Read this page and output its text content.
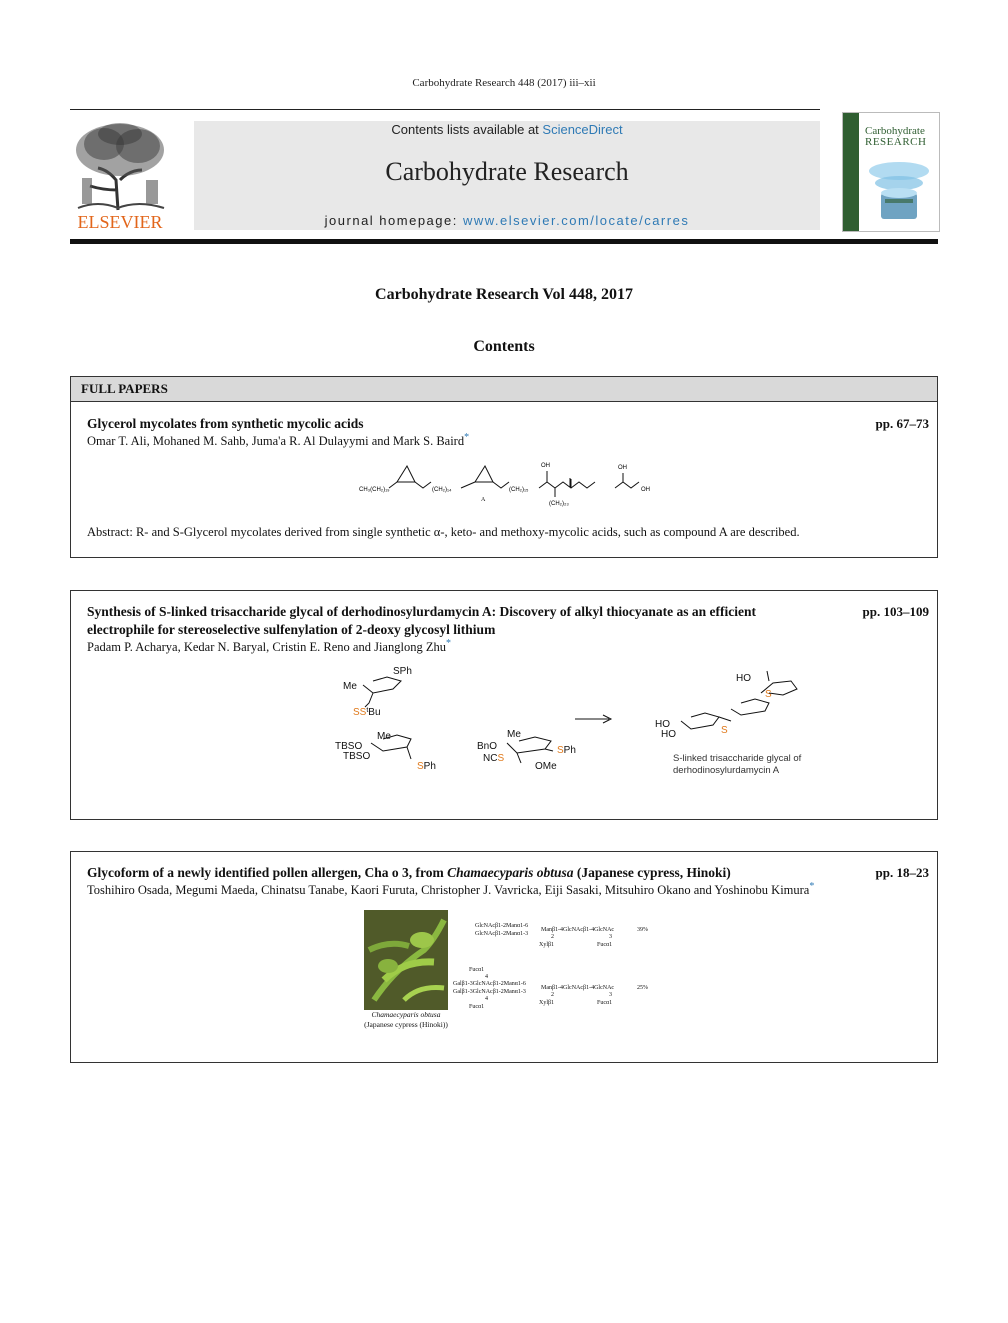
Carbohydrate Research 448 (2017) iii–xii
ELSEVIER
Contents lists available at ScienceDirect
Carbohydrate Research
journal homepage: www.elsevier.com/locate/carres
Carbohydrate
RESEARCH
Carbohydrate Research Vol 448, 2017
Contents
FULL PAPERS
Glycerol mycolates from synthetic mycolic acids	pp. 67–73
Omar T. Ali, Mohaned M. Sahb, Juma'a R. Al Dulayymi and Mark S. Baird*
CH₃(CH₂)₁₉	(CH₂)₁₄	(CH₂)₁₅
OH
(CH₂)₂₃
A
OH
OH
Abstract: R- and S-Glycerol mycolates derived from single synthetic α-, keto- and methoxy-mycolic acids, such as compound A are described.
Synthesis of S-linked trisaccharide glycal of derhodinosylurdamycin A: Discovery of alkyl thiocyanate as an efficient
electrophile for stereoselective sulfenylation of 2-deoxy glycosyl lithium
pp. 103–109
Padam P. Acharya, Kedar N. Baryal, Cristin E. Reno and Jianglong Zhu*
SPh
Me
$SS^tBu$
TBSO
TBSO
Me
SPh
Me
BnO
NCS
SPh
OMe
HO
S
HO
HO	S
S-linked trisaccharide glycal of
derhodinosylurdamycin A
Glycoform of a newly identified pollen allergen, Cha o 3, from Chamaecyparis obtusa (Japanese cypress, Hinoki)	pp. 18–23
Toshihiro Osada, Megumi Maeda, Chinatsu Tanabe, Kaori Furuta, Christopher J. Vavricka, Eiji Sasaki, Mitsuhiro Okano and Yoshinobu Kimura*
Chamaecyparis obtusa
(Japanese cypress (Hinoki))
GlcNAcβ1-2Manα1-6
GlcNAcβ1-2Manα1-3
Manβ1-4GlcNAcβ1-4GlcNAc
2	3
Xylβ1	Fucα1
39%
Fucα1
4
Galβ1-3GlcNAcβ1-2Manα1-6
Galβ1-3GlcNAcβ1-2Manα1-3
4
Fucα1
Manβ1-4GlcNAcβ1-4GlcNAc
2	3
Xylβ1	Fucα1
25%
